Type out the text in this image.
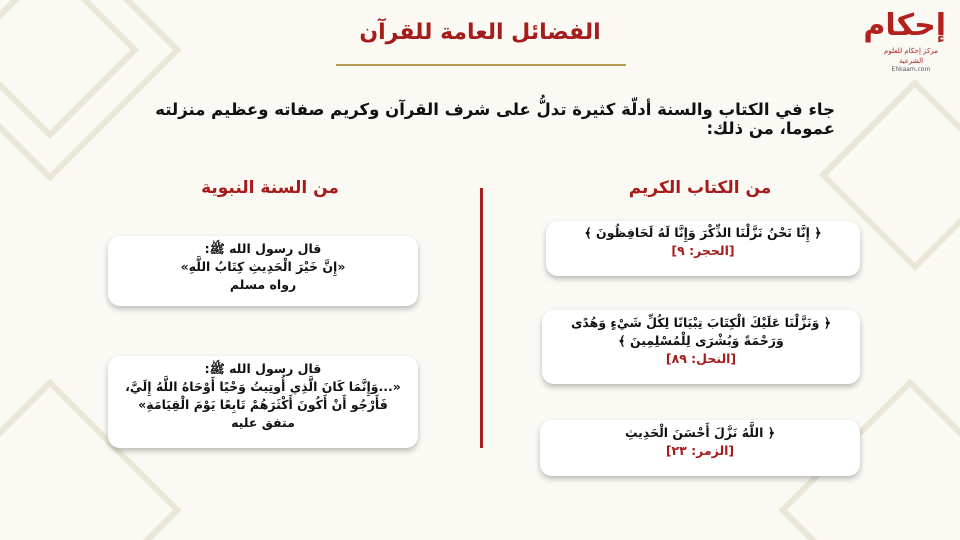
إحكام
مركز إحكام للعلوم الشرعية
Ehkaam.com
الفضائل العامة للقرآن
جاء في الكتاب والسنة أدلّة كثيرة تدلُّ على شرف القرآن وكريم صفاته وعظيم منزلته عموما، من ذلك:
من الكتاب الكريم
من السنة النبوية
﴿ إِنَّا نَحْنُ نَزَّلْنَا الذِّكْرَ وَإِنَّا لَهُ لَحَافِظُونَ ﴾
[الحجر: ٩]
﴿ وَنَزَّلْنَا عَلَيْكَ الْكِتَابَ تِبْيَانًا لِكُلِّ شَيْءٍ وَهُدًى
وَرَحْمَةً وَبُشْرَى لِلْمُسْلِمِينَ ﴾
[النحل: ٨٩]
﴿ اللَّهُ نَزَّلَ أَحْسَنَ الْحَدِيثِ
[الزمر: ٢٣]
قال رسول الله ﷺ:
«إِنَّ خَيْرَ الْحَدِيثِ كِتَابُ اللَّهِ»
رواه مسلم
قال رسول الله ﷺ:
«...وَإِنَّمَا كَانَ الَّذِي أُوتِيتُ وَحْيًا أَوْحَاهُ اللَّهُ إِلَيَّ،
فَأَرْجُو أَنْ أَكُونَ أَكْثَرَهُمْ تَابِعًا يَوْمَ الْقِيَامَةِ»
متفق عليه
